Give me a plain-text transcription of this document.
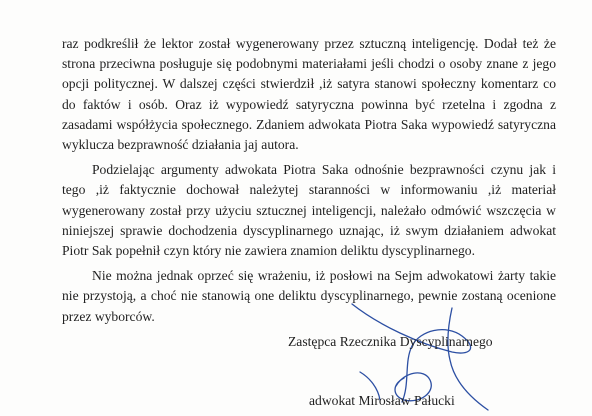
raz podkreślił że lektor został wygenerowany przez sztuczną inteligencję. Dodał też że strona przeciwna posługuje się podobnymi materiałami jeśli chodzi o osoby znane z jego opcji politycznej. W dalszej części stwierdził ,iż satyra stanowi społeczny komentarz co do faktów i osób. Oraz iż wypowiedź satyryczna powinna być rzetelna i zgodna z zasadami współżycia społecznego. Zdaniem adwokata Piotra Saka wypowiedź satyryczna wyklucza bezprawność działania jaj autora.

Podzielając argumenty adwokata Piotra Saka odnośnie bezprawności czynu jak i tego ,iż faktycznie dochował należytej staranności w informowaniu ,iż materiał wygenerowany został przy użyciu sztucznej inteligencji, należało odmówić wszczęcia w niniejszej sprawie dochodzenia dyscyplinarnego uznając, iż swym działaniem adwokat Piotr Sak popełnił czyn który nie zawiera znamion deliktu dyscyplinarnego.

Nie można jednak oprzeć się wrażeniu, iż posłowi na Sejm adwokatowi żarty takie nie przystoją, a choć nie stanowią one deliktu dyscyplinarnego, pewnie zostaną ocenione przez wyborców.

Zastępca Rzecznika Dyscyplinarnego
adwokat Mirosław Pałucki
